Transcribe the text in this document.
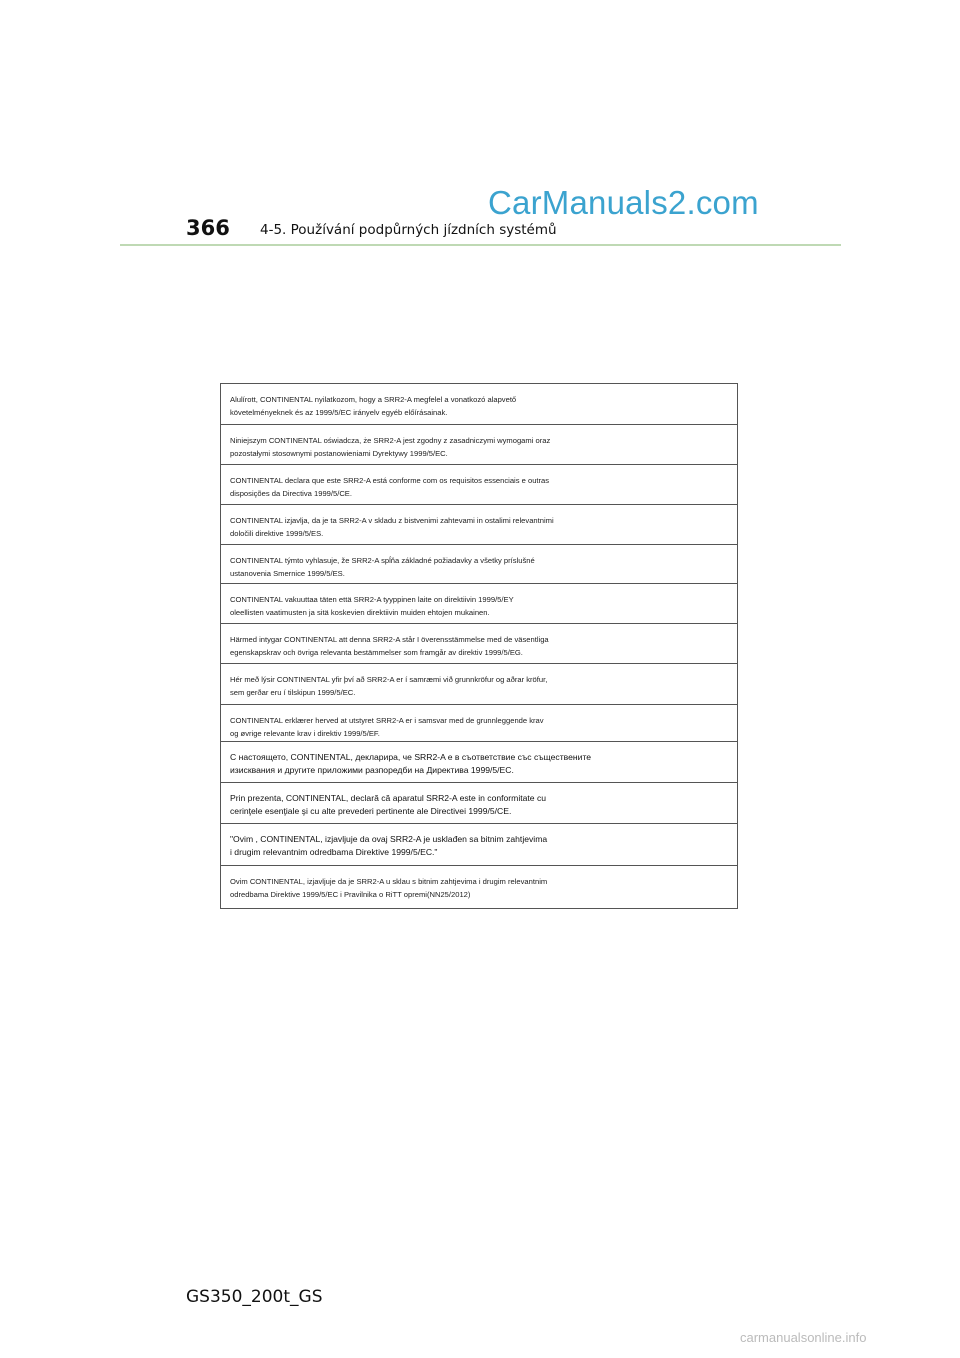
CarManuals2.com
366 4-5. Používání podpůrných jízdních systémů
Alulírott, CONTINENTAL nyilatkozom, hogy a SRR2-A megfelel a vonatkozó alapvető
követelményeknek és az 1999/5/EC irányelv egyéb előírásainak.
Niniejszym CONTINENTAL oświadcza, że SRR2-A jest zgodny z zasadniczymi wymogami oraz
pozostałymi stosownymi postanowieniami Dyrektywy 1999/5/EC.
CONTINENTAL declara que este SRR2-A está conforme com os requisitos essenciais e outras
disposições da Directiva 1999/5/CE.
CONTINENTAL izjavlja, da je ta SRR2-A v skladu z bistvenimi zahtevami in ostalimi relevantnimi
določili direktive 1999/5/ES.
CONTINENTAL týmto vyhlasuje, že SRR2-A spĺňa základné požiadavky a všetky príslušné
ustanovenia Smernice 1999/5/ES.
CONTINENTAL vakuuttaa täten että SRR2-A tyyppinen laite on direktiivin 1999/5/EY
oleellisten vaatimusten ja sitä koskevien direktiivin muiden ehtojen mukainen.
Härmed intygar CONTINENTAL att denna SRR2-A står I överensstämmelse med de väsentliga
egenskapskrav och övriga relevanta bestämmelser som framgår av direktiv 1999/5/EG.
Hér með lýsir CONTINENTAL yfir því að SRR2-A er í samræmi við grunnkröfur og aðrar kröfur,
sem gerðar eru í tilskipun 1999/5/EC.
CONTINENTAL erklærer herved at utstyret SRR2-A er i samsvar med de grunnleggende krav
og øvrige relevante krav i direktiv 1999/5/EF.
С настоящето, CONTINENTAL, декларира, че SRR2-A е в съответствие със съществените
изисквания и другите приложими разпоредби на Директива 1999/5/EC.
Prin prezenta, CONTINENTAL, declară că aparatul SRR2-A este in conformitate cu
cerinţele esenţiale şi cu alte prevederi pertinente ale Directivei 1999/5/CE.
"Ovim , CONTINENTAL, izjavljuje da ovaj SRR2-A je usklađen sa bitnim zahtjevima
i drugim relevantnim odredbama Direktive 1999/5/EC."
Ovim CONTINENTAL, izjavljuje da je SRR2-A u sklau s bitnim zahtjevima i drugim relevantnim
odredbama Direktive 1999/5/EC i Pravilnika o RiTT opremi(NN25/2012)
GS350_200t_GS
carmanualsonline.info
